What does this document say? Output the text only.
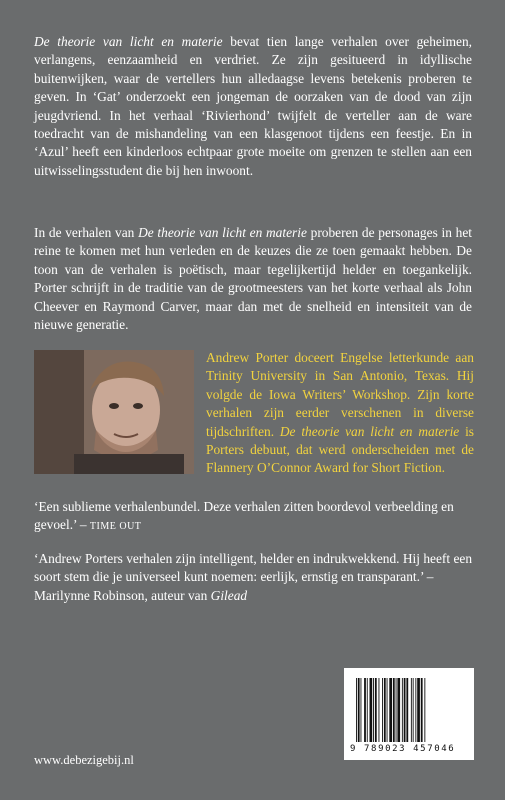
De theorie van licht en materie bevat tien lange verhalen over geheimen, verlangens, eenzaamheid en verdriet. Ze zijn gesitueerd in idyllische buitenwijken, waar de vertellers hun alledaagse levens betekenis proberen te geven. In ‘Gat’ onderzoekt een jongeman de oorzaken van de dood van zijn jeugdvriend. In het verhaal ‘Rivierhond’ twijfelt de verteller aan de ware toedracht van de mishandeling van een klasgenoot tijdens een feestje. En in ‘Azul’ heeft een kinderloos echtpaar grote moeite om grenzen te stellen aan een uitwisselingsstudent die bij hen inwoont.

In de verhalen van De theorie van licht en materie proberen de personages in het reine te komen met hun verleden en de keuzes die ze toen gemaakt hebben. De toon van de verhalen is poëtisch, maar tegelijkertijd helder en toegankelijk. Porter schrijft in de traditie van de grootmeesters van het korte verhaal als John Cheever en Raymond Carver, maar dan met de snelheid en intensiteit van de nieuwe generatie.

Andrew Porter doceert Engelse letterkunde aan Trinity University in San Antonio, Texas. Hij volgde de Iowa Writers’ Workshop. Zijn korte verhalen zijn eerder verschenen in diverse tijdschriften. De theorie van licht en materie is Porters debuut, dat werd onderscheiden met de Flannery O’Connor Award for Short Fiction.

‘Een sublieme verhalenbundel. Deze verhalen zitten boordevol verbeelding en gevoel.’ – TIME OUT

‘Andrew Porters verhalen zijn intelligent, helder en indrukwekkend. Hij heeft een soort stem die je universeel kunt noemen: eerlijk, ernstig en transparant.’ – Marilynne Robinson, auteur van Gilead

9 789023 457046
www.debezigebij.nl
